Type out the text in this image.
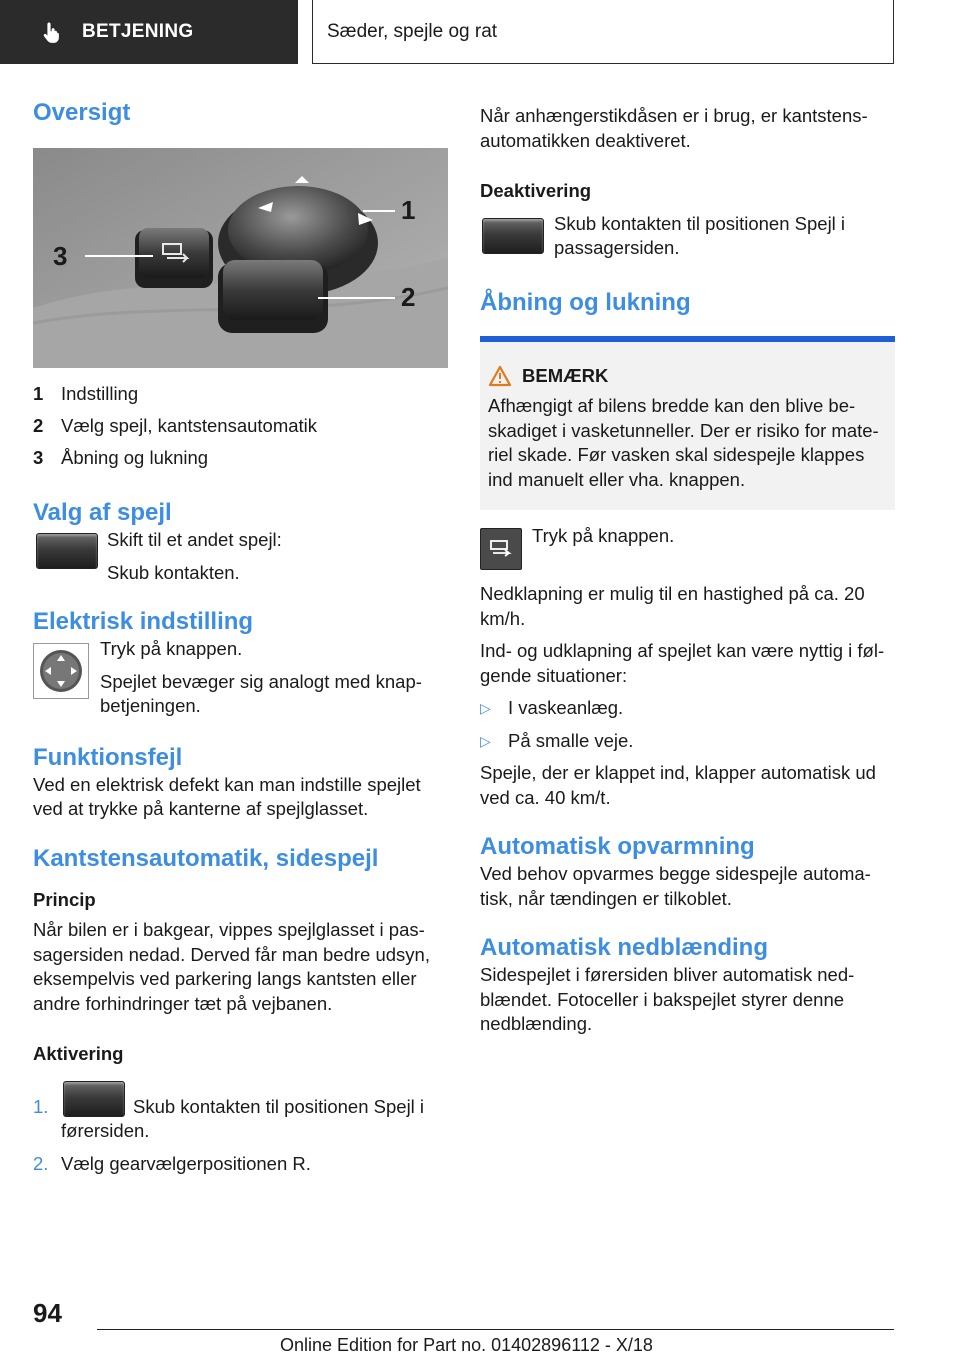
BETJENING	Sæder, spejle og rat
Oversigt
3
1
2
1 Indstilling
2 Vælg spejl, kantstensautomatik
3 Åbning og lukning
Valg af spejl

Skift til et andet spejl:

Skub kontakten.

Elektrisk indstilling

Tryk på knappen.

Spejlet bevæger sig analogt med knap-betjeningen.

Funktionsfejl

Ved en elektrisk defekt kan man indstille spejlet ved at trykke på kanterne af spejlglasset.

Kantstensautomatik, sidespejl

Princip

Når bilen er i bakgear, vippes spejlglasset i pas-sagersiden nedad. Derved får man bedre udsyn, eksempelvis ved parkering langs kantsten eller andre forhindringer tæt på vejbanen.

Aktivering

1.	Skub kontakten til positionen Spejl i førersiden.

2. Vælg gearvælgerpositionen R.

Når anhængerstikdåsen er i brug, er kantstens-automatikken deaktiveret.

Deaktivering

Skub kontakten til positionen Spejl i passagersiden.

Åbning og lukning
BEMÆRK

Afhængigt af bilens bredde kan den blive be-skadiget i vasketunneller. Der er risiko for mate-riel skade. Før vasken skal sidespejle klappes ind manuelt eller vha. knappen.

Tryk på knappen.

Nedklapning er mulig til en hastighed på ca. 20 km/h.

Ind- og udklapning af spejlet kan være nyttig i føl-gende situationer:

▷ I vaskeanlæg.
▷ På smalle veje.

Spejle, der er klappet ind, klapper automatisk ud ved ca. 40 km/t.

Automatisk opvarmning

Ved behov opvarmes begge sidespejle automa-tisk, når tændingen er tilkoblet.

Automatisk nedblænding

Sidespejlet i førersiden bliver automatisk ned-blændet. Fotoceller i bakspejlet styrer denne nedblænding.

94
Online Edition for Part no. 01402896112 - X/18
